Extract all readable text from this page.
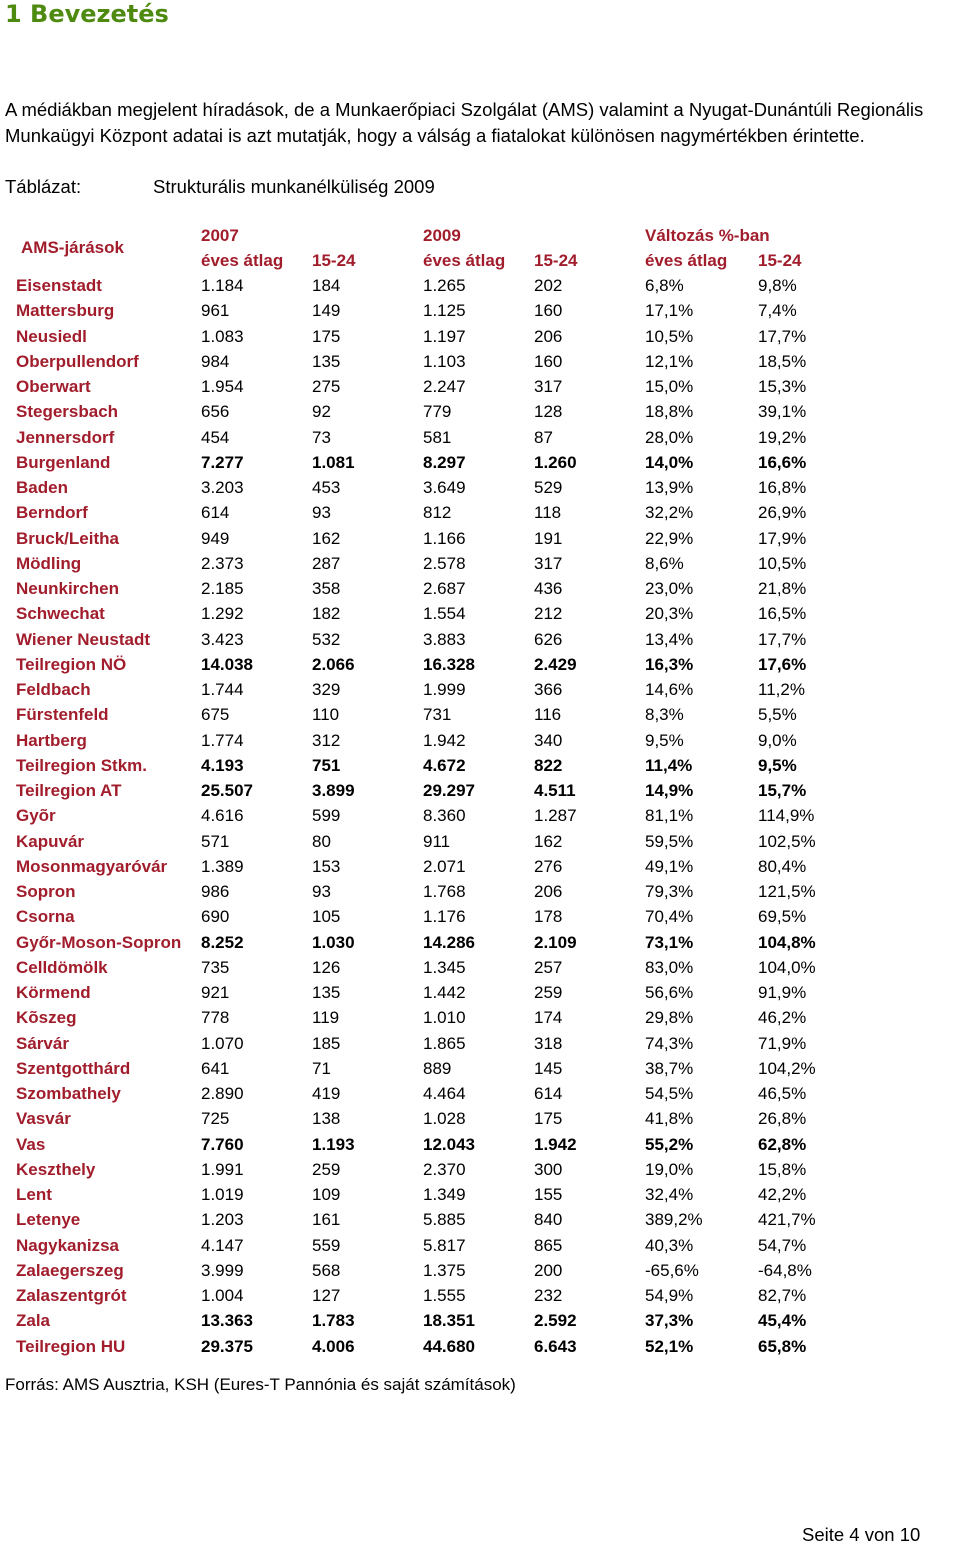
1 Bevezetés
A médiákban megjelent híradások, de a Munkaerőpiaci Szolgálat (AMS) valamint a Nyugat-Dunántúli Regionális Munkaügyi Központ adatai is azt mutatják, hogy a válság a fiatalokat különösen nagymértékben érintette.
Táblázat:	Strukturális munkanélküliség 2009
AMS-járások
2007	2009	Változás %-ban
éves átlag 15-24	éves átlag 15-24	éves átlag 15-24
Eisenstadt	1.184	184	1.265	202	6,8%	9,8%
Mattersburg	961	149	1.125	160	17,1%	7,4%
Neusiedl	1.083	175	1.197	206	10,5%	17,7%
Oberpullendorf	984	135	1.103	160	12,1%	18,5%
Oberwart	1.954	275	2.247	317	15,0%	15,3%
Stegersbach	656	92	779	128	18,8%	39,1%
Jennersdorf	454	73	581	87	28,0%	19,2%
Burgenland	7.277	1.081	8.297	1.260	14,0%	16,6%
Baden	3.203	453	3.649	529	13,9%	16,8%
Berndorf	614	93	812	118	32,2%	26,9%
Bruck/Leitha	949	162	1.166	191	22,9%	17,9%
Mödling	2.373	287	2.578	317	8,6%	10,5%
Neunkirchen	2.185	358	2.687	436	23,0%	21,8%
Schwechat	1.292	182	1.554	212	20,3%	16,5%
Wiener Neustadt	3.423	532	3.883	626	13,4%	17,7%
Teilregion NÖ	14.038	2.066	16.328	2.429	16,3%	17,6%
Feldbach	1.744	329	1.999	366	14,6%	11,2%
Fürstenfeld	675	110	731	116	8,3%	5,5%
Hartberg	1.774	312	1.942	340	9,5%	9,0%
Teilregion Stkm.	4.193	751	4.672	822	11,4%	9,5%
Teilregion AT	25.507	3.899	29.297	4.511	14,9%	15,7%
Gyõr	4.616	599	8.360	1.287	81,1%	114,9%
Kapuvár	571	80	911	162	59,5%	102,5%
Mosonmagyaróvár 1.389	153	2.071	276	49,1%	80,4%
Sopron	986	93	1.768	206	79,3%	121,5%
Csorna	690	105	1.176	178	70,4%	69,5%
Győr-Moson-Sopron 8.252	1.030	14.286	2.109	73,1%	104,8%
Celldömölk	735	126	1.345	257	83,0%	104,0%
Körmend	921	135	1.442	259	56,6%	91,9%
Kõszeg	778	119	1.010	174	29,8%	46,2%
Sárvár	1.070	185	1.865	318	74,3%	71,9%
Szentgotthárd	641	71	889	145	38,7%	104,2%
Szombathely	2.890	419	4.464	614	54,5%	46,5%
Vasvár	725	138	1.028	175	41,8%	26,8%
Vas	7.760	1.193	12.043	1.942	55,2%	62,8%
Keszthely	1.991	259	2.370	300	19,0%	15,8%
Lent	1.019	109	1.349	155	32,4%	42,2%
Letenye	1.203	161	5.885	840	389,2%	421,7%
Nagykanizsa	4.147	559	5.817	865	40,3%	54,7%
Zalaegerszeg	3.999	568	1.375	200	-65,6%	-64,8%
Zalaszentgrót	1.004	127	1.555	232	54,9%	82,7%
Zala	13.363	1.783	18.351	2.592	37,3%	45,4%
Teilregion HU	29.375	4.006	44.680	6.643	52,1%	65,8%
Forrás: AMS Ausztria, KSH (Eures-T Pannónia és saját számítások)
Seite 4 von 10
